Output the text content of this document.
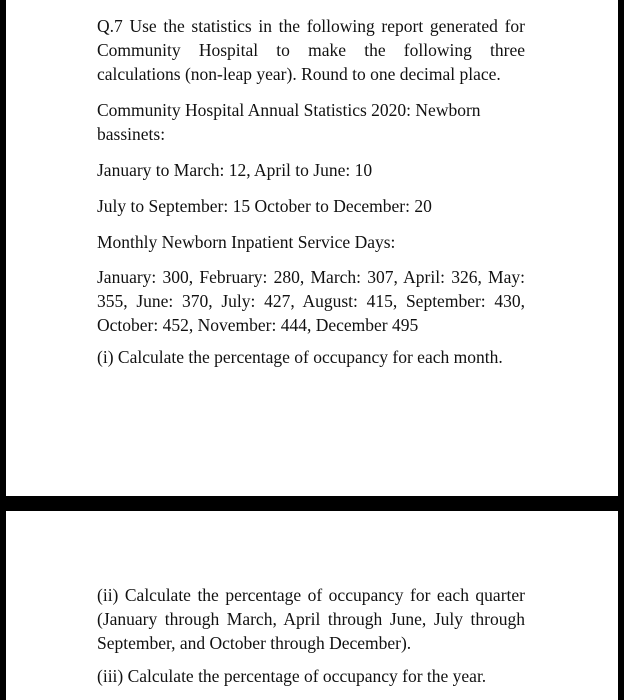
Q.7 Use the statistics in the following report generated for Community Hospital to make the following three calculations (non-leap year). Round to one decimal place.

Community Hospital Annual Statistics 2020: Newborn bassinets:

January to March: 12, April to June: 10

July to September: 15 October to December: 20

Monthly Newborn Inpatient Service Days:

January: 300, February: 280, March: 307, April: 326, May: 355, June: 370, July: 427, August: 415, September: 430, October: 452, November: 444, December 495

(i) Calculate the percentage of occupancy for each month.

(ii) Calculate the percentage of occupancy for each quarter (January through March, April through June, July through September, and October through December).

(iii) Calculate the percentage of occupancy for the year.
